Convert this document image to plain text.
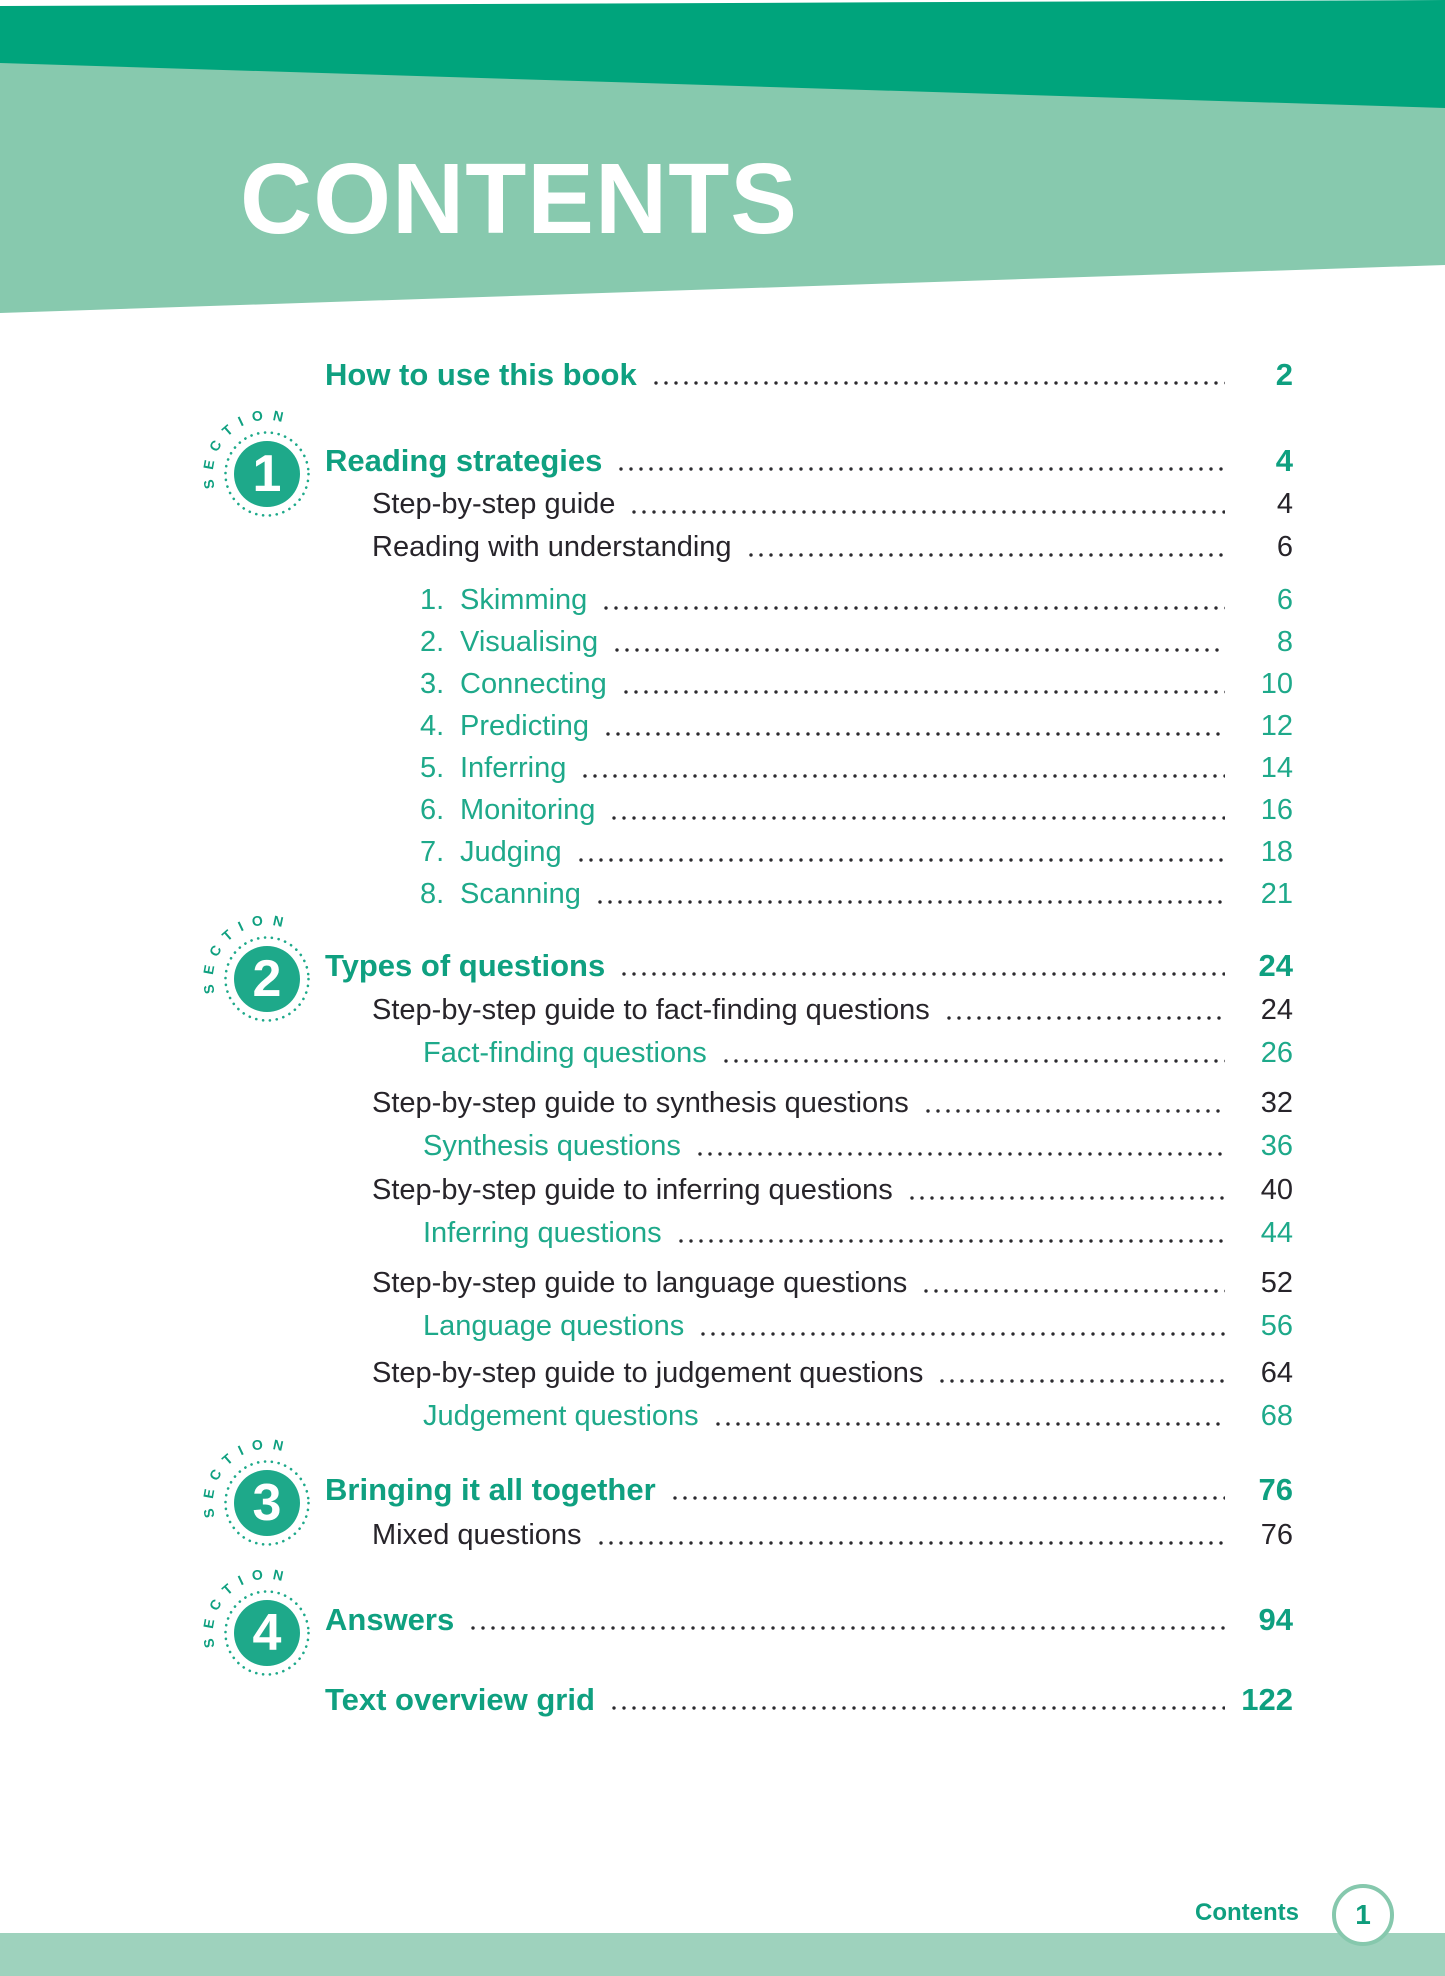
CONTENTS
SECTION
1
SECTION
2
SECTION
3
SECTION
4
How to use this book	2
Reading strategies	4
Step-by-step guide	4
Reading with understanding	6
1. Skimming	6
2. Visualising	8
3. Connecting	10
4. Predicting	12
5. Inferring	14
6. Monitoring	16
7. Judging	18
8. Scanning	21
Types of questions	24
Step-by-step guide to fact-finding questions	24
Fact-finding questions	26
Step-by-step guide to synthesis questions	32
Synthesis questions	36
Step-by-step guide to inferring questions	40
Inferring questions	44
Step-by-step guide to language questions	52
Language questions	56
Step-by-step guide to judgement questions	64
Judgement questions	68
Bringing it all together	76
Mixed questions	76
Answers	94
Text overview grid	122
Contents 1
